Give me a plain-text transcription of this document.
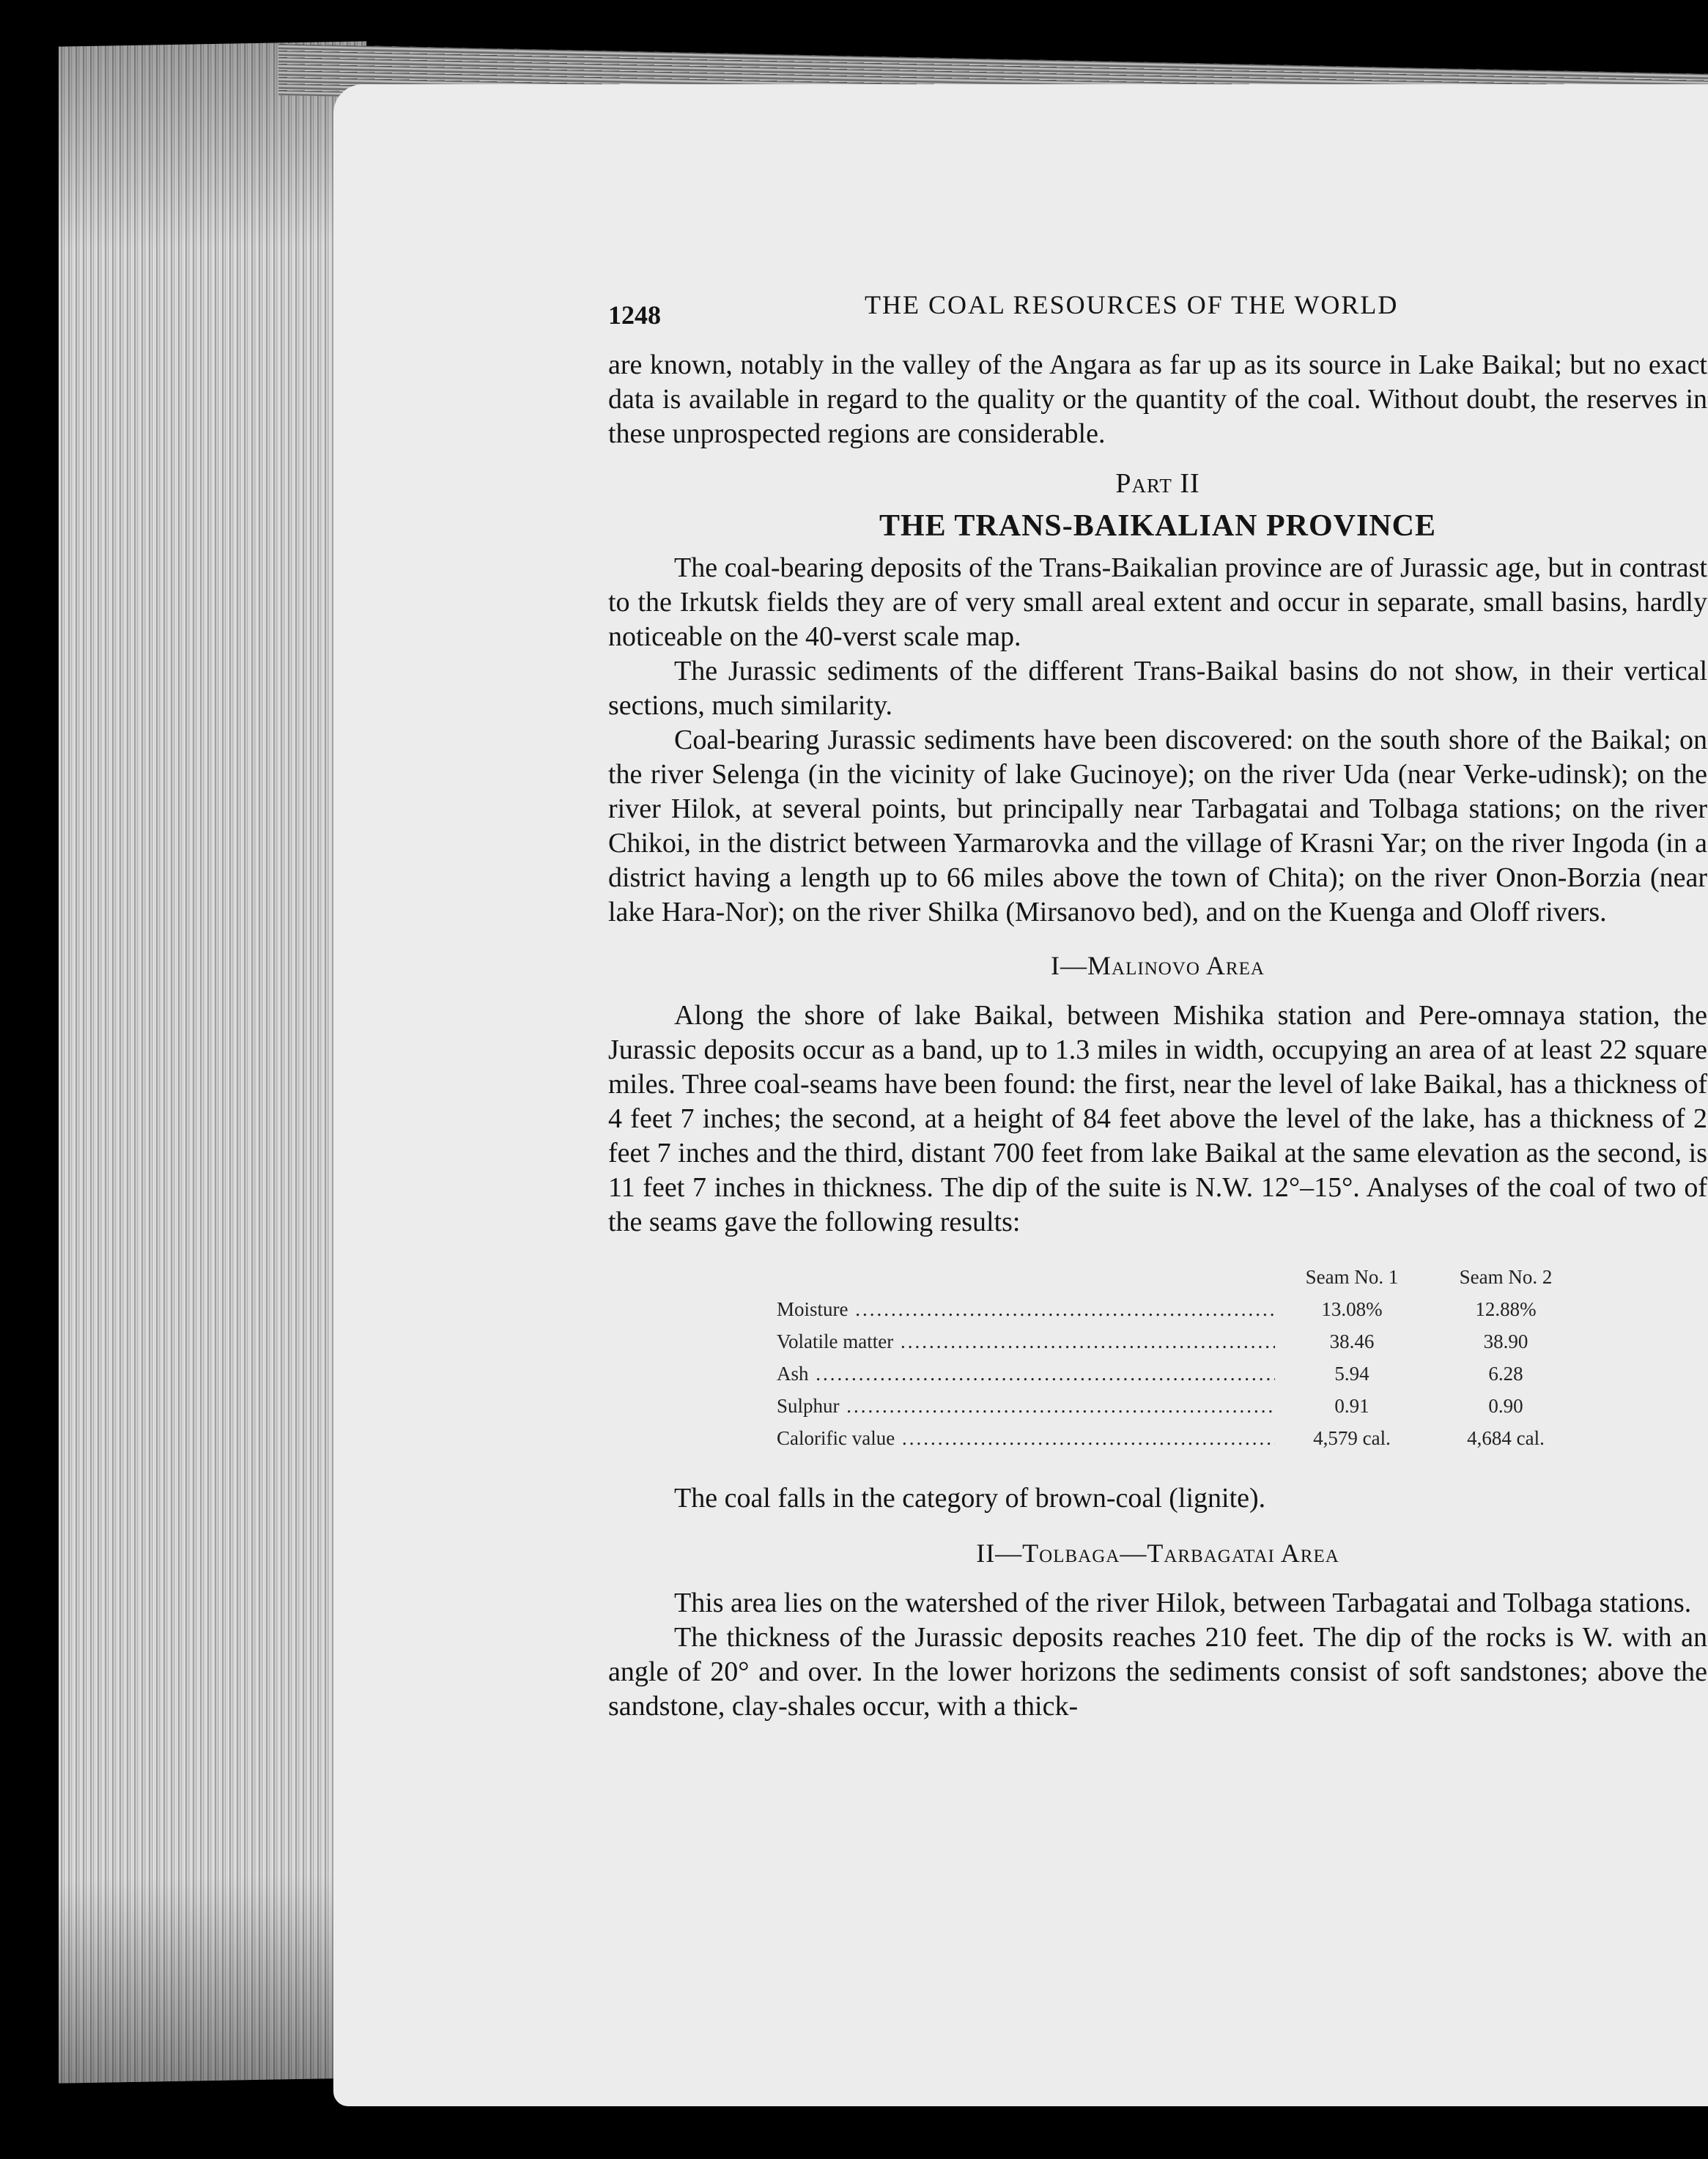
1248	THE COAL RESOURCES OF THE WORLD

are known, notably in the valley of the Angara as far up as its source in Lake Baikal; but no exact data is available in regard to the quality or the quantity of the coal. Without doubt, the reserves in these unprospected regions are considerable.

Part II

THE TRANS-BAIKALIAN PROVINCE

The coal-bearing deposits of the Trans-Baikalian province are of Jurassic age, but in contrast to the Irkutsk fields they are of very small areal extent and occur in separate, small basins, hardly noticeable on the 40-verst scale map.

The Jurassic sediments of the different Trans-Baikal basins do not show, in their vertical sections, much similarity.

Coal-bearing Jurassic sediments have been discovered: on the south shore of the Baikal; on the river Selenga (in the vicinity of lake Gucinoye); on the river Uda (near Verke-udinsk); on the river Hilok, at several points, but principally near Tarbagatai and Tolbaga stations; on the river Chikoi, in the district between Yarmarovka and the village of Krasni Yar; on the river Ingoda (in a district having a length up to 66 miles above the town of Chita); on the river Onon-Borzia (near lake Hara-Nor); on the river Shilka (Mirsanovo bed), and on the Kuenga and Oloff rivers.

I—Malinovo Area

Along the shore of lake Baikal, between Mishika station and Pere-omnaya station, the Jurassic deposits occur as a band, up to 1.3 miles in width, occupying an area of at least 22 square miles. Three coal-seams have been found: the first, near the level of lake Baikal, has a thickness of 4 feet 7 inches; the second, at a height of 84 feet above the level of the lake, has a thickness of 2 feet 7 inches and the third, distant 700 feet from lake Baikal at the same elevation as the second, is 11 feet 7 inches in thickness. The dip of the suite is N.W. 12°–15°. Analyses of the coal of two of the seams gave the following results:

Seam No. 1	Seam No. 2
Moisture .....	13.08%	12.88%
Volatile matter .....	38.46	38.90
Ash .....	5.94	6.28
Sulphur .....	0.91	0.90
Calorific value .....	4,579 cal.	4,684 cal.

The coal falls in the category of brown-coal (lignite).

II—Tolbaga—Tarbagatai Area

This area lies on the watershed of the river Hilok, between Tarbagatai and Tolbaga stations.

The thickness of the Jurassic deposits reaches 210 feet. The dip of the rocks is W. with an angle of 20° and over. In the lower horizons the sediments consist of soft sandstones; above the sandstone, clay-shales occur, with a thick-
